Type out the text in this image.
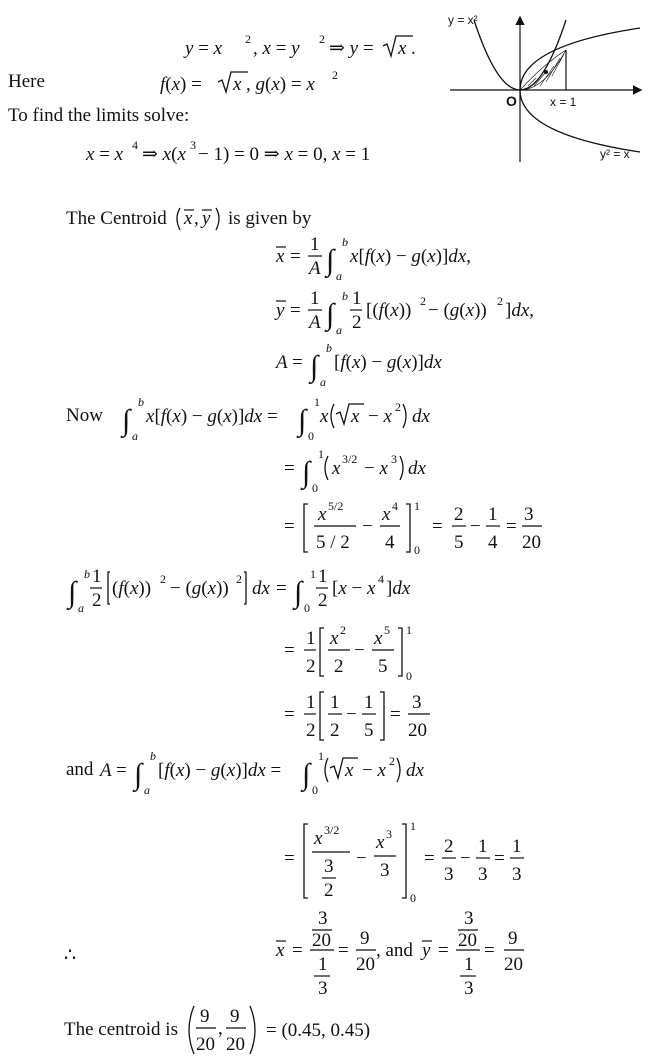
y = x 2 , x = y 2 ⇒ y = x .
Here	f(x) = x , g(x) = x 2
To find the limits solve:
x = x 4 ⇒ x(x 3 − 1) = 0 ⇒ x = 0, x = 1
y = x²
O	x = 1
y² = x
The Centroid x , y is given by
x =
1
A ∫
b
a
x[f(x) − g(x)]dx,
y =
1
A ∫
b
a
1
2
[(f(x)) 2 − (g(x)) 2 ]dx,
A = ∫
b
a
[f(x) − g(x)]dx
Now ∫
b
a
x[f(x) − g(x)]dx = ∫
1
0
x x − x 2 dx
= ∫
1
0
x 3/2 − x 3 dx
=
x 5/2
5 / 2
−
x 4
4
1
0
=
2
5
−
1
4
=
3
20
∫
b
a
1
2
(f(x)) 2 − (g(x)) 2 dx = ∫
1
0
1
2
[x − x 4 ]dx
=
1
2
x 2
2
−
x 5
5
1
0
=
1
2
1
2
−
1
5
=
3
20
and A = ∫
b
a
[f(x) − g(x)]dx = ∫
1
0
x − x 2 dx
=
x 3/2
3
2
−
x 3
3
1
0
=
2
3
−
1
3
=
1
3
∴	x =
3
20
1
3
=
9
20
, and y =
3
20
1
3
=
9
20
The centroid is
9
20
,
9
20
= (0.45, 0.45)
